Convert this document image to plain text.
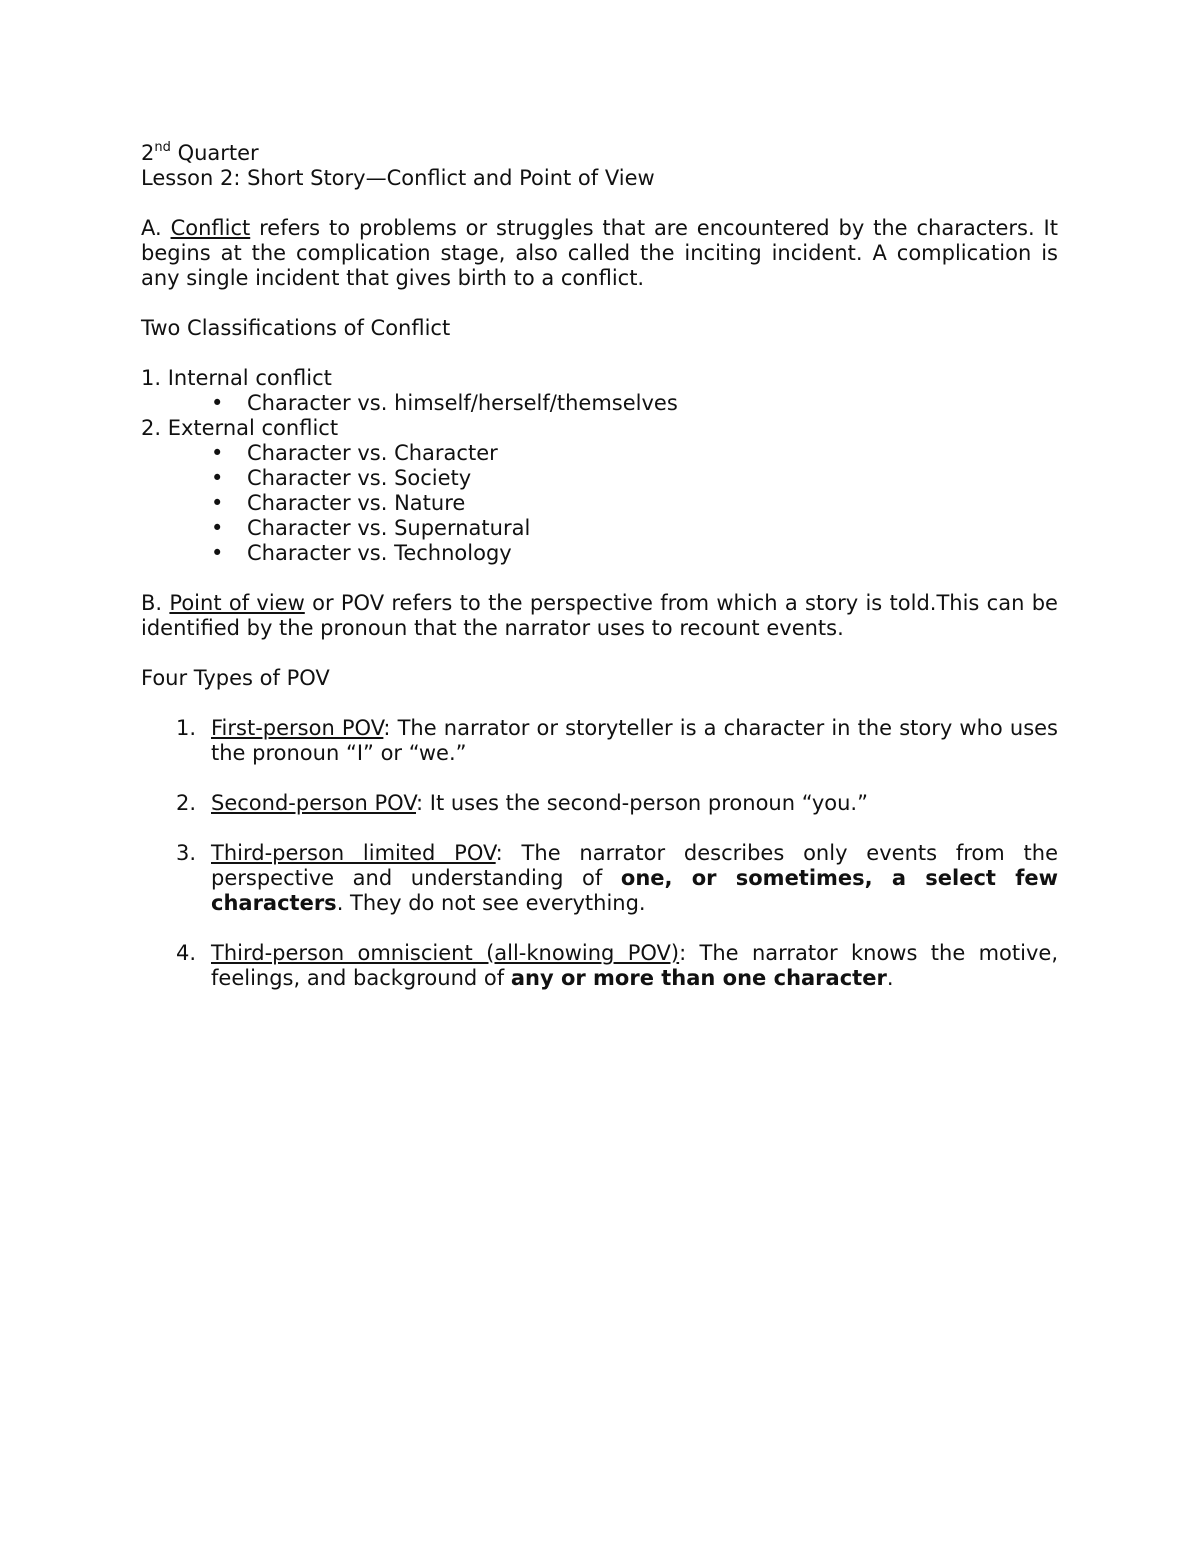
2nd Quarter

Lesson 2: Short Story—Conflict and Point of View

A. Conflict refers to problems or struggles that are encountered by the characters. It begins at the complication stage, also called the inciting incident. A complication is any single incident that gives birth to a conflict.

Two Classifications of Conflict

1. Internal conflict

• Character vs. himself/herself/themselves

2. External conflict

• Character vs. Character
• Character vs. Society
• Character vs. Nature
• Character vs. Supernatural
• Character vs. Technology

B. Point of view or POV refers to the perspective from which a story is told.This can be identified by the pronoun that the narrator uses to recount events.

Four Types of POV

1. First-person POV: The narrator or storyteller is a character in the story who uses the pronoun “I” or “we.”
2. Second-person POV: It uses the second-person pronoun “you.”
3. Third-person limited POV: The narrator describes only events from the perspective and understanding of one, or sometimes, a select few characters. They do not see everything.
4. Third-person omniscient (all-knowing POV): The narrator knows the motive, feelings, and background of any or more than one character.
